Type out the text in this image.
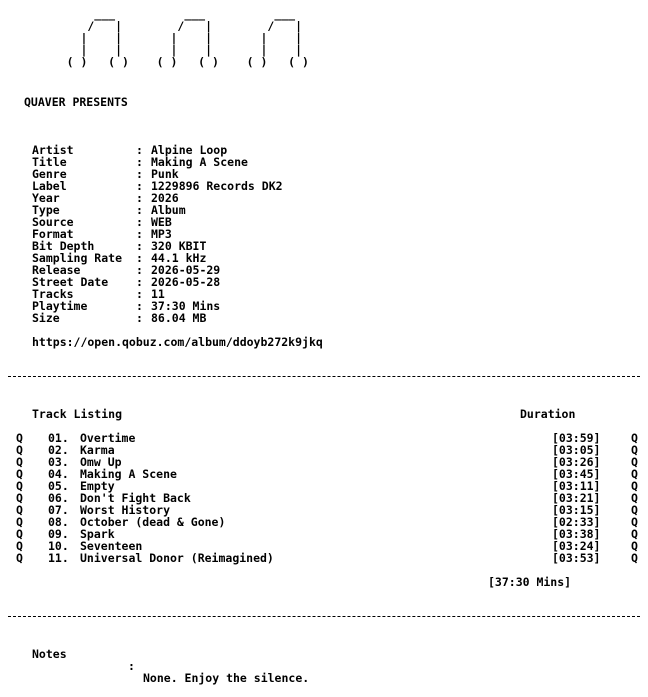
___          ___          ___
/   |        /   |        /   |
|    |       |    |       |    |
|    |       |    |       |    |
( )   ( )    ( )   ( )    ( )   ( )
QUAVER PRESENTS
Artist	: Alpine Loop
Title	: Making A Scene
Genre	: Punk
Label	: 1229896 Records DK2
Year	: 2026
Type	: Album
Source	: WEB
Format	: MP3
Bit Depth	: 320 KBIT
Sampling Rate : 44.1 kHz
Release	: 2026-05-29
Street Date : 2026-05-28
Tracks	: 11
Playtime	: 37:30 Mins
Size	: 86.04 MB
https://open.qobuz.com/album/ddoyb272k9jkq
Track Listing	Duration
Q 01. Overtime	[03:59]	Q
Q 02. Karma	[03:05]	Q
Q 03. Omw Up	[03:26]	Q
Q 04. Making A Scene	[03:45]	Q
Q 05. Empty	[03:11]	Q
Q 06. Don't Fight Back	[03:21]	Q
Q 07. Worst History	[03:15]	Q
Q 08. October (dead & Gone)	[02:33]	Q
Q 09. Spark	[03:38]	Q
Q 10. Seventeen	[03:24]	Q
Q 11. Universal Donor (Reimagined)	[03:53]	Q
[37:30 Mins]

Notes

:

None. Enjoy the silence.
